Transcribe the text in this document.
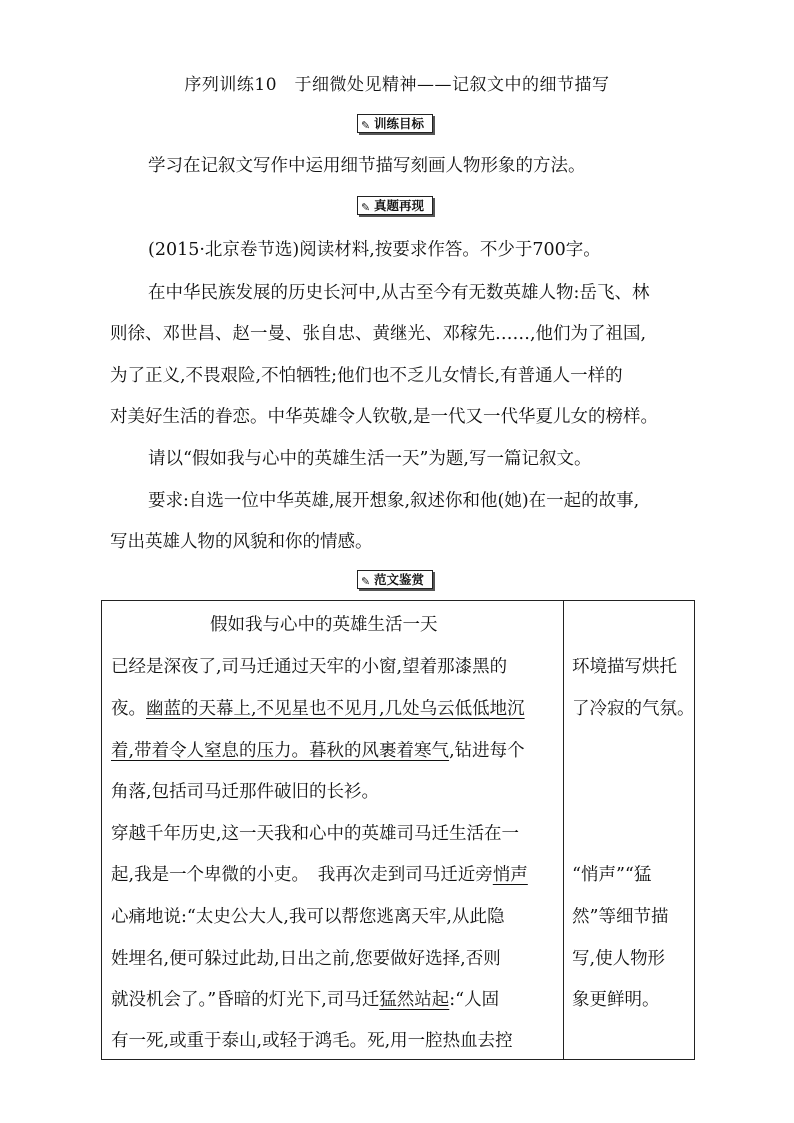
序列训练10　于细微处见精神——记叙文中的细节描写
✎ 训练目标
学习在记叙文写作中运用细节描写刻画人物形象的方法。
✎ 真题再现
(2015·北京卷节选)阅读材料,按要求作答。不少于700字。
在中华民族发展的历史长河中,从古至今有无数英雄人物:岳飞、林
则徐、邓世昌、赵一曼、张自忠、黄继光、邓稼先……,他们为了祖国,
为了正义,不畏艰险,不怕牺牲;他们也不乏儿女情长,有普通人一样的
对美好生活的眷恋。中华英雄令人钦敬,是一代又一代华夏儿女的榜样。
请以“假如我与心中的英雄生活一天”为题,写一篇记叙文。
要求:自选一位中华英雄,展开想象,叙述你和他(她)在一起的故事,
写出英雄人物的风貌和你的情感。
✎ 范文鉴赏
假如我与心中的英雄生活一天
已经是深夜了,司马迁通过天牢的小窗,望着那漆黑的
夜。幽蓝的天幕上,不见星也不见月,几处乌云低低地沉
着,带着令人窒息的压力。暮秋的风裹着寒气,钻进每个
角落,包括司马迁那件破旧的长衫。
穿越千年历史,这一天我和心中的英雄司马迁生活在一
起,我是一个卑微的小吏。　我再次走到司马迁近旁悄声
心痛地说:“太史公大人,我可以帮您逃离天牢,从此隐
姓埋名,便可躲过此劫,日出之前,您要做好选择,否则
就没机会了。”昏暗的灯光下,司马迁猛然站起:“人固
有一死,或重于泰山,或轻于鸿毛。死,用一腔热血去控
环境描写烘托
了冷寂的气氛。
“悄声”“猛
然”等细节描
写,使人物形
象更鲜明。
